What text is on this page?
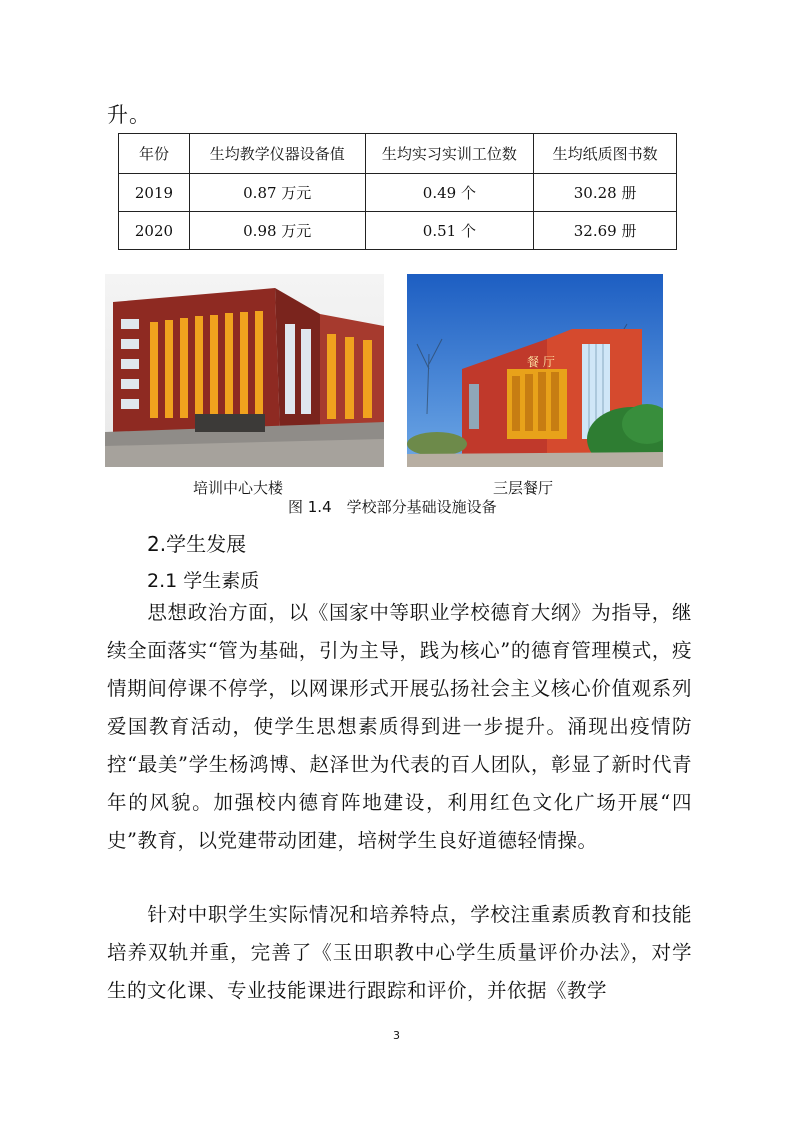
升。
年份	生均教学仪器设备值	生均实习实训工位数	生均纸质图书数
2019	0.87 万元	0.49 个	30.28 册
2020	0.98 万元	0.51 个	32.69 册
餐 厅
培训中心大楼	三层餐厅
图 1.4　学校部分基础设施设备
2.学生发展
2.1 学生素质
　　思想政治方面，以《国家中等职业学校德育大纲》为指导，继续全面落实“管为基础，引为主导，践为核心”的德育管理模式，疫情期间停课不停学，以网课形式开展弘扬社会主义核心价值观系列爱国教育活动，使学生思想素质得到进一步提升。涌现出疫情防控“最美”学生杨鸿博、赵泽世为代表的百人团队，彰显了新时代青年的风貌。加强校内德育阵地建设，利用红色文化广场开展“四史”教育，以党建带动团建，培树学生良好道德轻情操。
　　针对中职学生实际情况和培养特点，学校注重素质教育和技能培养双轨并重，完善了《玉田职教中心学生质量评价办法》，对学生的文化课、专业技能课进行跟踪和评价，并依据《教学
3
